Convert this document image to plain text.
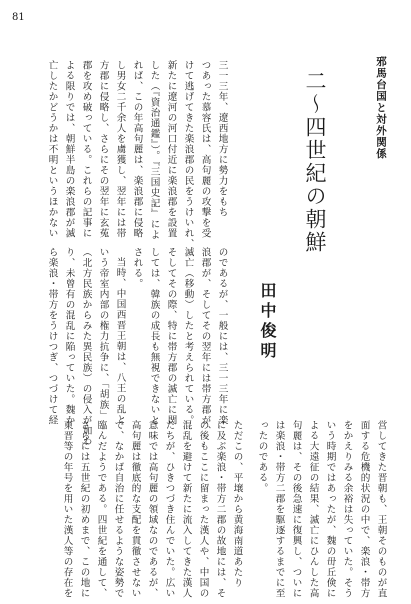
81
邪馬台国と対外関係
二〜四世紀の朝鮮
田中俊明
三一三年、遼西地方に勢力をもち
つあった慕容氏は、高句麗の攻撃を受
けて逃げてきた楽浪郡の民をうけいれ、
新たに遼河の河口付近に楽浪郡を設置
した（『資治通鑑』）。『三国史記』によ
れば、この年高句麗は、楽浪郡に侵略
し男女二千余人を虜獲し、翌年には帯
方郡に侵略し、さらにその翌年に玄菟
郡を攻め破っている。これらの記事に
よる限りでは、朝鮮半島の楽浪郡が滅
亡したかどうかは不明というほかない
のであるが、一般には、三一三年に楽
浪郡が、そしてその翌年には帯方郡が、
滅亡（移動）したと考えられている。
そしてその際、特に帯方郡の滅亡に関
しては、韓族の成長も無視できないと
される。
当時、中国西晋王朝は、八王の乱と
いう帝室内部の権力抗争に、「胡族」
（北方民族からみた異民族）の侵入が加わ
り、未曾有の混乱に陥っていた。魏か
ら楽浪・帯方をうけつぎ、つづけて経
営してきた晋朝も、王朝そのものが直
面する危機的状況の中で、楽浪・帯方
をかえりみる余裕は失っていた。そう
いう時期ではあったが、魏の毌丘倹に
よる大遠征の結果、滅亡にひんした高
句麗は、その後急速に復興し、ついに
は楽浪・帯方二郡を駆逐するまでに至
ったのである。
ただこの、平壌から黄海南道あたり
に及ぶ楽浪・帯方二郡の故地には、そ
の後もここに留まった漢人や、中国の
混乱を避けて新たに流入してきた漢人
たちが、ひきつづき住んでいた。広い
意味では高句麗の領域なのであるが、
高句麗は徹底的な支配を貫徹させない
で、なかば自治に任せるような姿勢で
臨んだようである。四世紀を通して、
さらには五世紀の初めまで、この地に
東晋等の年号を用いた漢人等の存在を
